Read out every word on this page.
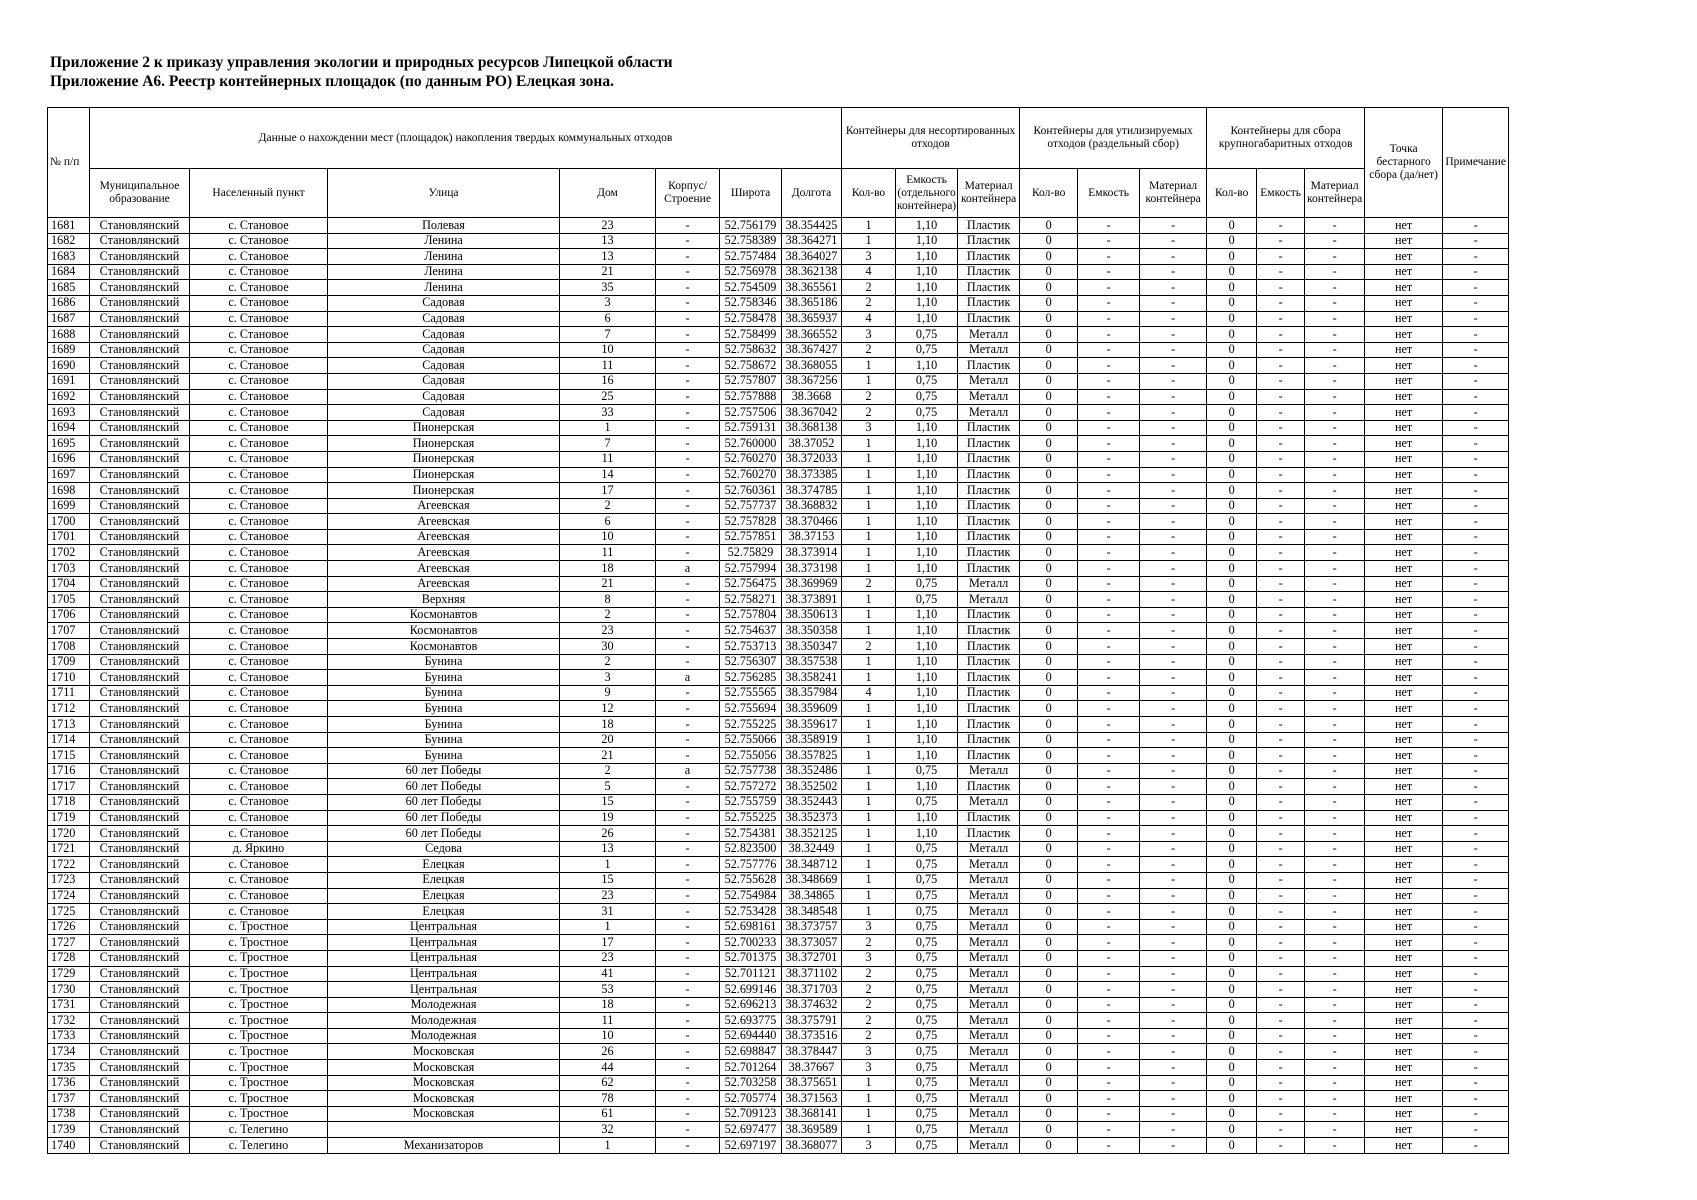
Приложение 2 к приказу управления экологии и природных ресурсов Липецкой области
Приложение А6. Реестр контейнерных площадок (по данным РО) Елецкая зона.
№ п/п	Данные о нахождении мест (площадок) накопления твердых коммунальных отходов							Контейнеры для несортированных отходов			Контейнеры для утилизируемых отходов (раздельный сбор)			Контейнеры для сбора крупногабаритных отходов			Точка бестарного сбора (да/нет)	Примечание
	Муниципальное образование	Населенный пункт	Улица	Дом	Корпус/ Строение	Широта	Долгота	Кол-во	Емкость (отдельного контейнера)	Материал контейнера	Кол-во	Емкость	Материал контейнера	Кол-во	Емкость	Материал контейнера		
1681	Становлянский	с. Становое	Полевая	23	-	52.756179	38.354425	1	1,10	Пластик	0	-	-	0	-	-	нет	-
1682	Становлянский	с. Становое	Ленина	13	-	52.758389	38.364271	1	1,10	Пластик	0	-	-	0	-	-	нет	-
1683	Становлянский	с. Становое	Ленина	13	-	52.757484	38.364027	3	1,10	Пластик	0	-	-	0	-	-	нет	-
1684	Становлянский	с. Становое	Ленина	21	-	52.756978	38.362138	4	1,10	Пластик	0	-	-	0	-	-	нет	-
1685	Становлянский	с. Становое	Ленина	35	-	52.754509	38.365561	2	1,10	Пластик	0	-	-	0	-	-	нет	-
1686	Становлянский	с. Становое	Садовая	3	-	52.758346	38.365186	2	1,10	Пластик	0	-	-	0	-	-	нет	-
1687	Становлянский	с. Становое	Садовая	6	-	52.758478	38.365937	4	1,10	Пластик	0	-	-	0	-	-	нет	-
1688	Становлянский	с. Становое	Садовая	7	-	52.758499	38.366552	3	0,75	Металл	0	-	-	0	-	-	нет	-
1689	Становлянский	с. Становое	Садовая	10	-	52.758632	38.367427	2	0,75	Металл	0	-	-	0	-	-	нет	-
1690	Становлянский	с. Становое	Садовая	11	-	52.758672	38.368055	1	1,10	Пластик	0	-	-	0	-	-	нет	-
1691	Становлянский	с. Становое	Садовая	16	-	52.757807	38.367256	1	0,75	Металл	0	-	-	0	-	-	нет	-
1692	Становлянский	с. Становое	Садовая	25	-	52.757888	38.3668	2	0,75	Металл	0	-	-	0	-	-	нет	-
1693	Становлянский	с. Становое	Садовая	33	-	52.757506	38.367042	2	0,75	Металл	0	-	-	0	-	-	нет	-
1694	Становлянский	с. Становое	Пионерская	1	-	52.759131	38.368138	3	1,10	Пластик	0	-	-	0	-	-	нет	-
1695	Становлянский	с. Становое	Пионерская	7	-	52.760000	38.37052	1	1,10	Пластик	0	-	-	0	-	-	нет	-
1696	Становлянский	с. Становое	Пионерская	11	-	52.760270	38.372033	1	1,10	Пластик	0	-	-	0	-	-	нет	-
1697	Становлянский	с. Становое	Пионерская	14	-	52.760270	38.373385	1	1,10	Пластик	0	-	-	0	-	-	нет	-
1698	Становлянский	с. Становое	Пионерская	17	-	52.760361	38.374785	1	1,10	Пластик	0	-	-	0	-	-	нет	-
1699	Становлянский	с. Становое	Агеевская	2	-	52.757737	38.368832	1	1,10	Пластик	0	-	-	0	-	-	нет	-
1700	Становлянский	с. Становое	Агеевская	6	-	52.757828	38.370466	1	1,10	Пластик	0	-	-	0	-	-	нет	-
1701	Становлянский	с. Становое	Агеевская	10	-	52.757851	38.37153	1	1,10	Пластик	0	-	-	0	-	-	нет	-
1702	Становлянский	с. Становое	Агеевская	11	-	52.75829	38.373914	1	1,10	Пластик	0	-	-	0	-	-	нет	-
1703	Становлянский	с. Становое	Агеевская	18	а	52.757994	38.373198	1	1,10	Пластик	0	-	-	0	-	-	нет	-
1704	Становлянский	с. Становое	Агеевская	21	-	52.756475	38.369969	2	0,75	Металл	0	-	-	0	-	-	нет	-
1705	Становлянский	с. Становое	Верхняя	8	-	52.758271	38.373891	1	0,75	Металл	0	-	-	0	-	-	нет	-
1706	Становлянский	с. Становое	Космонавтов	2	-	52.757804	38.350613	1	1,10	Пластик	0	-	-	0	-	-	нет	-
1707	Становлянский	с. Становое	Космонавтов	23	-	52.754637	38.350358	1	1,10	Пластик	0	-	-	0	-	-	нет	-
1708	Становлянский	с. Становое	Космонавтов	30	-	52.753713	38.350347	2	1,10	Пластик	0	-	-	0	-	-	нет	-
1709	Становлянский	с. Становое	Бунина	2	-	52.756307	38.357538	1	1,10	Пластик	0	-	-	0	-	-	нет	-
1710	Становлянский	с. Становое	Бунина	3	а	52.756285	38.358241	1	1,10	Пластик	0	-	-	0	-	-	нет	-
1711	Становлянский	с. Становое	Бунина	9	-	52.755565	38.357984	4	1,10	Пластик	0	-	-	0	-	-	нет	-
1712	Становлянский	с. Становое	Бунина	12	-	52.755694	38.359609	1	1,10	Пластик	0	-	-	0	-	-	нет	-
1713	Становлянский	с. Становое	Бунина	18	-	52.755225	38.359617	1	1,10	Пластик	0	-	-	0	-	-	нет	-
1714	Становлянский	с. Становое	Бунина	20	-	52.755066	38.358919	1	1,10	Пластик	0	-	-	0	-	-	нет	-
1715	Становлянский	с. Становое	Бунина	21	-	52.755056	38.357825	1	1,10	Пластик	0	-	-	0	-	-	нет	-
1716	Становлянский	с. Становое	60 лет Победы	2	а	52.757738	38.352486	1	0,75	Металл	0	-	-	0	-	-	нет	-
1717	Становлянский	с. Становое	60 лет Победы	5	-	52.757272	38.352502	1	1,10	Пластик	0	-	-	0	-	-	нет	-
1718	Становлянский	с. Становое	60 лет Победы	15	-	52.755759	38.352443	1	0,75	Металл	0	-	-	0	-	-	нет	-
1719	Становлянский	с. Становое	60 лет Победы	19	-	52.755225	38.352373	1	1,10	Пластик	0	-	-	0	-	-	нет	-
1720	Становлянский	с. Становое	60 лет Победы	26	-	52.754381	38.352125	1	1,10	Пластик	0	-	-	0	-	-	нет	-
1721	Становлянский	д. Яркино	Седова	13	-	52.823500	38.32449	1	0,75	Металл	0	-	-	0	-	-	нет	-
1722	Становлянский	с. Становое	Елецкая	1	-	52.757776	38.348712	1	0,75	Металл	0	-	-	0	-	-	нет	-
1723	Становлянский	с. Становое	Елецкая	15	-	52.755628	38.348669	1	0,75	Металл	0	-	-	0	-	-	нет	-
1724	Становлянский	с. Становое	Елецкая	23	-	52.754984	38.34865	1	0,75	Металл	0	-	-	0	-	-	нет	-
1725	Становлянский	с. Становое	Елецкая	31	-	52.753428	38.348548	1	0,75	Металл	0	-	-	0	-	-	нет	-
1726	Становлянский	с. Тростное	Центральная	1	-	52.698161	38.373757	3	0,75	Металл	0	-	-	0	-	-	нет	-
1727	Становлянский	с. Тростное	Центральная	17	-	52.700233	38.373057	2	0,75	Металл	0	-	-	0	-	-	нет	-
1728	Становлянский	с. Тростное	Центральная	23	-	52.701375	38.372701	3	0,75	Металл	0	-	-	0	-	-	нет	-
1729	Становлянский	с. Тростное	Центральная	41	-	52.701121	38.371102	2	0,75	Металл	0	-	-	0	-	-	нет	-
1730	Становлянский	с. Тростное	Центральная	53	-	52.699146	38.371703	2	0,75	Металл	0	-	-	0	-	-	нет	-
1731	Становлянский	с. Тростное	Молодежная	18	-	52.696213	38.374632	2	0,75	Металл	0	-	-	0	-	-	нет	-
1732	Становлянский	с. Тростное	Молодежная	11	-	52.693775	38.375791	2	0,75	Металл	0	-	-	0	-	-	нет	-
1733	Становлянский	с. Тростное	Молодежная	10	-	52.694440	38.373516	2	0,75	Металл	0	-	-	0	-	-	нет	-
1734	Становлянский	с. Тростное	Московская	26	-	52.698847	38.378447	3	0,75	Металл	0	-	-	0	-	-	нет	-
1735	Становлянский	с. Тростное	Московская	44	-	52.701264	38.37667	3	0,75	Металл	0	-	-	0	-	-	нет	-
1736	Становлянский	с. Тростное	Московская	62	-	52.703258	38.375651	1	0,75	Металл	0	-	-	0	-	-	нет	-
1737	Становлянский	с. Тростное	Московская	78	-	52.705774	38.371563	1	0,75	Металл	0	-	-	0	-	-	нет	-
1738	Становлянский	с. Тростное	Московская	61	-	52.709123	38.368141	1	0,75	Металл	0	-	-	0	-	-	нет	-
1739	Становлянский	с. Телегино		32	-	52.697477	38.369589	1	0,75	Металл	0	-	-	0	-	-	нет	-
1740	Становлянский	с. Телегино	Механизаторов	1	-	52.697197	38.368077	3	0,75	Металл	0	-	-	0	-	-	нет	-
